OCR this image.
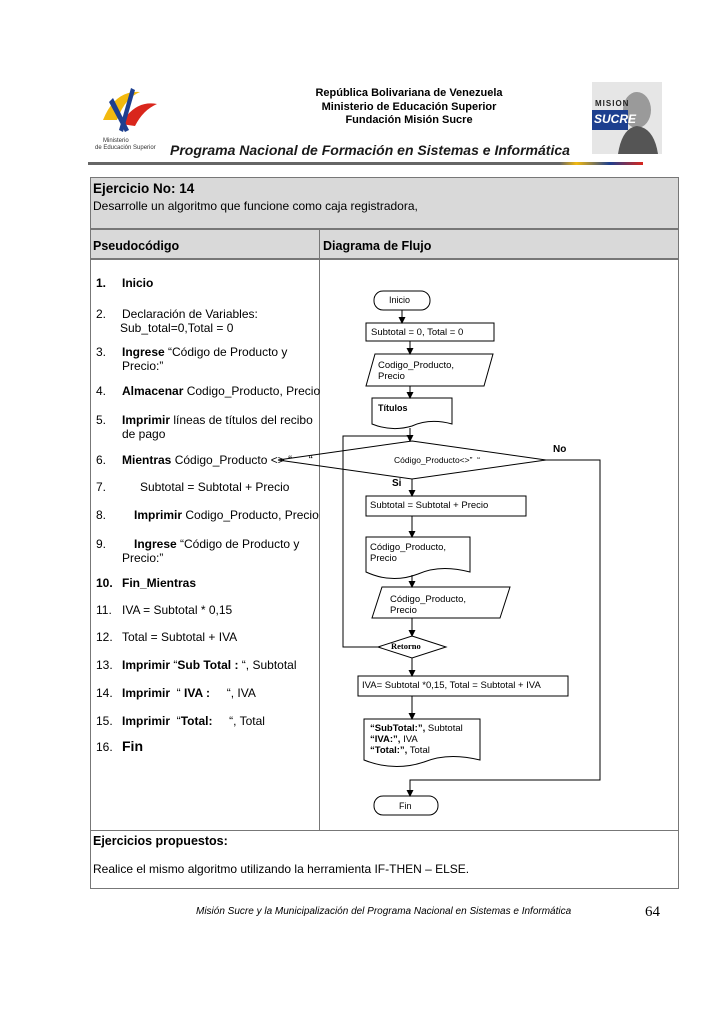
Ministerio
de Educación Superior
República Bolivariana de Venezuela
Ministerio de Educación Superior
Fundación Misión Sucre
MISION
SUCRE
Programa Nacional de Formación en Sistemas e Informática
Ejercicio No: 14
Desarrolle un algoritmo que funcione como caja registradora,
Pseudocódigo	Diagrama de Flujo
1. Inicio
2. Declaración de Variables:
Sub_total=0,Total = 0
3. Ingrese “Código de Producto y
Precio:”
4. Almacenar Codigo_Producto, Precio
5. Imprimir líneas de títulos del recibo
de pago
6. Mientras Código_Producto <> “     “
7.	Subtotal = Subtotal + Precio
8. Imprimir Codigo_Producto, Precio
9. Ingrese “Código de Producto y
Precio:”
10. Fin_Mientras
11. IVA = Subtotal * 0,15
12. Total = Subtotal + IVA
13. Imprimir “Sub Total : “, Subtotal
14. Imprimir  “ IVA :     “, IVA
15. Imprimir  “Total:     “, Total
16. Fin
Inicio
Subtotal = 0, Total = 0
Codigo_Producto,
Precio
Títulos
No
Código_Producto<>”  “
Si
Subtotal = Subtotal + Precio
Código_Producto,
Precio
Código_Producto,
Precio
Retorno
IVA= Subtotal *0,15, Total = Subtotal + IVA
“SubTotal:”, Subtotal
“IVA:”, IVA
“Total:”, Total
Fin
Ejercicios propuestos:
Realice el mismo algoritmo utilizando la herramienta IF-THEN – ELSE.
Misión Sucre y la Municipalización del Programa Nacional en Sistemas e Informática	64
